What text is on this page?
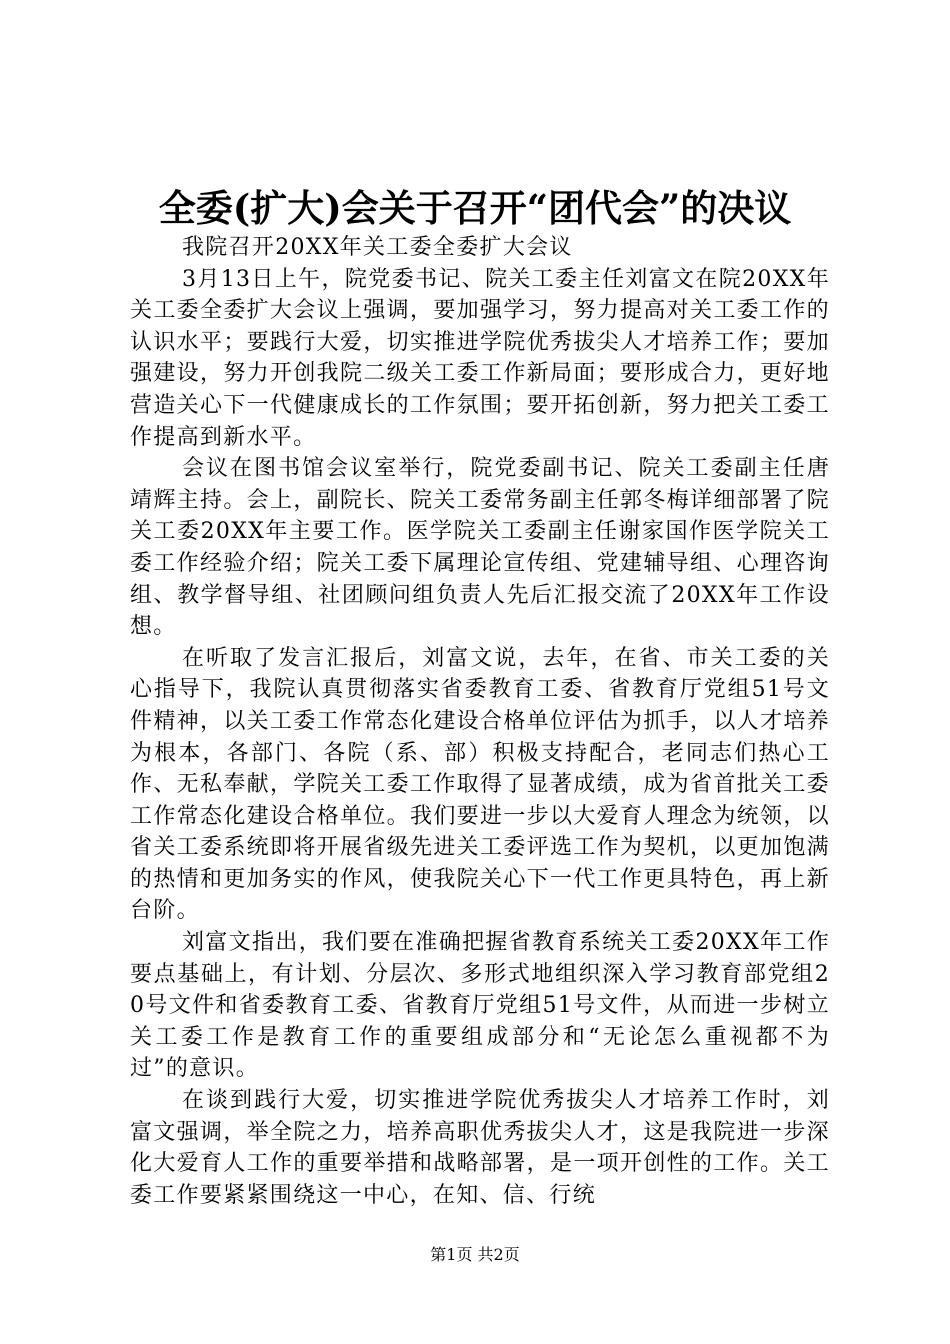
全委(扩大)会关于召开“团代会”的决议

我院召开20XX年关工委全委扩大会议

3月13日上午，院党委书记、院关工委主任刘富文在院20XX年关工委全委扩大会议上强调，要加强学习，努力提高对关工委工作的认识水平；要践行大爱，切实推进学院优秀拔尖人才培养工作；要加强建设，努力开创我院二级关工委工作新局面；要形成合力，更好地营造关心下一代健康成长的工作氛围；要开拓创新，努力把关工委工作提高到新水平。

会议在图书馆会议室举行，院党委副书记、院关工委副主任唐靖辉主持。会上，副院长、院关工委常务副主任郭冬梅详细部署了院关工委20XX年主要工作。医学院关工委副主任谢家国作医学院关工委工作经验介绍；院关工委下属理论宣传组、党建辅导组、心理咨询组、教学督导组、社团顾问组负责人先后汇报交流了20XX年工作设想。

在听取了发言汇报后，刘富文说，去年，在省、市关工委的关心指导下，我院认真贯彻落实省委教育工委、省教育厅党组51号文件精神，以关工委工作常态化建设合格单位评估为抓手，以人才培养为根本，各部门、各院（系、部）积极支持配合，老同志们热心工作、无私奉献，学院关工委工作取得了显著成绩，成为省首批关工委工作常态化建设合格单位。我们要进一步以大爱育人理念为统领，以省关工委系统即将开展省级先进关工委评选工作为契机，以更加饱满的热情和更加务实的作风，使我院关心下一代工作更具特色，再上新台阶。

刘富文指出，我们要在准确把握省教育系统关工委20XX年工作要点基础上，有计划、分层次、多形式地组织深入学习教育部党组20号文件和省委教育工委、省教育厅党组51号文件，从而进一步树立关工委工作是教育工作的重要组成部分和“无论怎么重视都不为过”的意识。

在谈到践行大爱，切实推进学院优秀拔尖人才培养工作时，刘富文强调，举全院之力，培养高职优秀拔尖人才，这是我院进一步深化大爱育人工作的重要举措和战略部署，是一项开创性的工作。关工委工作要紧紧围绕这一中心，在知、信、行统

第1页 共2页
